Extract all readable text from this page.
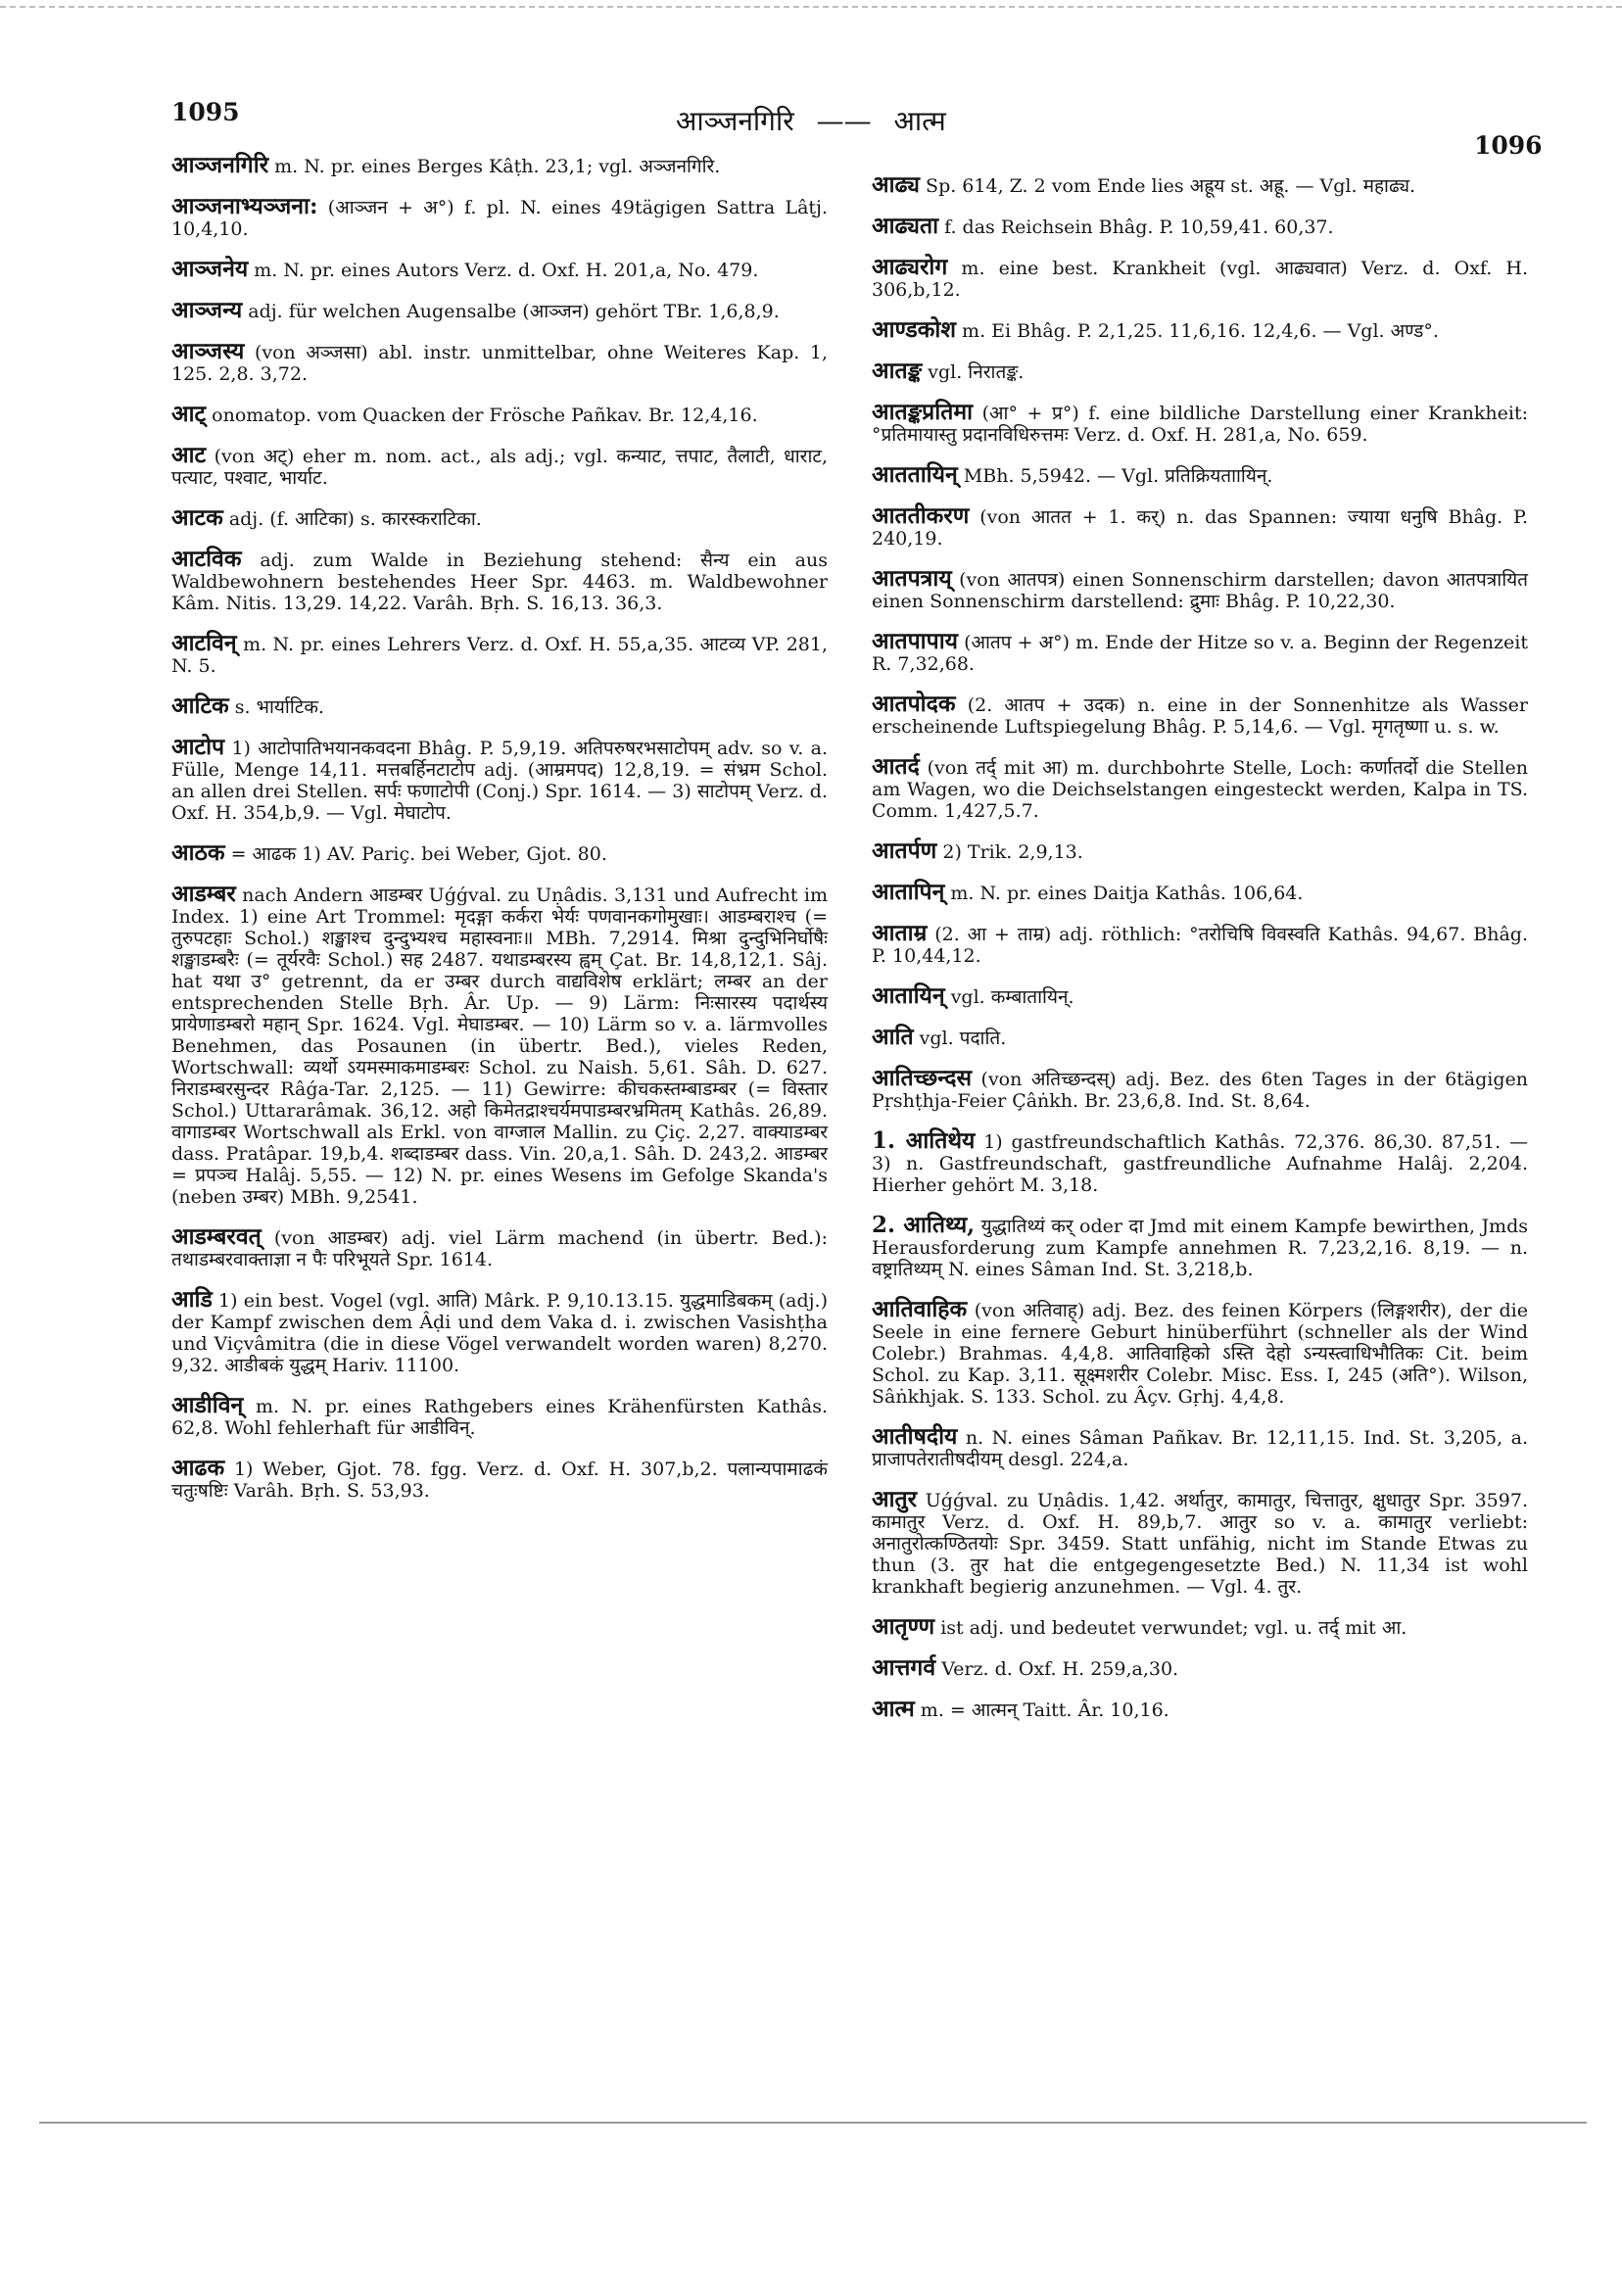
1095	आञ्जनगिरि —— आत्म
1096
आञ्जनगिरि m. N. pr. eines Berges Kâṭh. 23,1; vgl. अञ्जनगिरि.
आञ्जनाभ्यञ्जना: (आञ्जन + अ°) f. pl. N. eines 49tägigen Sattra Lâṭj. 10,4,10.
आञ्जनेय m. N. pr. eines Autors Verz. d. Oxf. H. 201,a, No. 479.
आञ्जन्य adj. für welchen Augensalbe (आञ्जन) gehört TBr. 1,6,8,9.
आञ्जस्य (von अञ्जसा) abl. instr. unmittelbar, ohne Weiteres Kap. 1, 125. 2,8. 3,72.
आट् onomatop. vom Quacken der Frösche Pañkav. Br. 12,4,16.
आट (von अट्) eher m. nom. act., als adj.; vgl. कन्याट, त्तपाट, तैलाटी, धाराट, पत्याट, पश्वाट, भार्याट.
आटक adj. (f. आटिका) s. कारस्कराटिका.
आटविक adj. zum Walde in Beziehung stehend: सैन्य ein aus Waldbewohnern bestehendes Heer Spr. 4463. m. Waldbewohner Kâm. Nitis. 13,29. 14,22. Varâh. Bṛh. S. 16,13. 36,3.
आटविन् m. N. pr. eines Lehrers Verz. d. Oxf. H. 55,a,35. आटव्य VP. 281, N. 5.
आटिक s. भार्याटिक.
आटोप 1) आटोपातिभयानकवदना Bhâg. P. 5,9,19. अतिपरुषरभसाटोपम् adv. so v. a. Fülle, Menge 14,11. मत्तबर्हिनटाटोप adj. (आम्रमपद) 12,8,19. = संभ्रम Schol. an allen drei Stellen. सर्पः फणाटोपी (Conj.) Spr. 1614. — 3) साटोपम् Verz. d. Oxf. H. 354,b,9. — Vgl. मेघाटोप.
आठक = आढक 1) AV. Pariç. bei Weber, Gjot. 80.
आडम्बर nach Andern आडम्बर Uǵǵval. zu Uṇâdis. 3,131 und Aufrecht im Index. 1) eine Art Trommel: मृदङ्गा कर्करा भेर्यः पणवानकगोमुखाः। आडम्बराश्च (= तुरुपटहाः Schol.) शङ्खाश्च दुन्दुभ्यश्च महास्वनाः॥ MBh. 7,2914. मिश्रा दुन्दुभिनिर्घोषैः शङ्खाडम्बरैः (= तूर्यरवैः Schol.) सह 2487. यथाडम्बरस्य ह्वम् Çat. Br. 14,8,12,1. Sâj. hat यथा उ° getrennt, da er उम्बर durch वाद्यविशेष erklärt; लम्बर an der entsprechenden Stelle Bṛh. Âr. Up. — 9) Lärm: निःसारस्य पदार्थस्य प्रायेणाडम्बरो महान् Spr. 1624. Vgl. मेघाडम्बर. — 10) Lärm so v. a. lärmvolles Benehmen, das Posaunen (in übertr. Bed.), vieles Reden, Wortschwall: व्यर्थो ऽयमस्माकमाडम्बरः Schol. zu Naish. 5,61. Sâh. D. 627. निराडम्बरसुन्दर Râǵa-Tar. 2,125. — 11) Gewirre: कीचकस्तम्बाडम्बर (= विस्तार Schol.) Uttararâmak. 36,12. अहो किमेतद्राश्चर्यमपाडम्बरभ्रमितम् Kathâs. 26,89. वागाडम्बर Wortschwall als Erkl. von वाग्जाल Mallin. zu Çiç. 2,27. वाक्याडम्बर dass. Pratâpar. 19,b,4. शब्दाडम्बर dass. Vin. 20,a,1. Sâh. D. 243,2. आडम्बर = प्रपञ्च Halâj. 5,55. — 12) N. pr. eines Wesens im Gefolge Skanda's (neben उम्बर) MBh. 9,2541.
आडम्बरवत् (von आडम्बर) adj. viel Lärm machend (in übertr. Bed.): तथाडम्बरवाक्ताज्ञा न पैः परिभूयते Spr. 1614.
आडि 1) ein best. Vogel (vgl. आति) Mârk. P. 9,10.13.15. युद्धमाडिबकम् (adj.) der Kampf zwischen dem Âḍi und dem Vaka d. i. zwischen Vasishṭha und Viçvâmitra (die in diese Vögel verwandelt worden waren) 8,270. 9,32. आडीबकं युद्धम् Hariv. 11100.
आडीविन् m. N. pr. eines Rathgebers eines Krähenfürsten Kathâs. 62,8. Wohl fehlerhaft für आडीविन्.
आढक 1) Weber, Gjot. 78. fgg. Verz. d. Oxf. H. 307,b,2. पलान्यपामाढकं चतुःषष्टिः Varâh. Bṛh. S. 53,93.
आढ्य Sp. 614, Z. 2 vom Ende lies अह्रूय st. अह्रू. — Vgl. महाढ्य.
आढ्यता f. das Reichsein Bhâg. P. 10,59,41. 60,37.
आढ्यरोग m. eine best. Krankheit (vgl. आढ्यवात) Verz. d. Oxf. H. 306,b,12.
आण्डकोश m. Ei Bhâg. P. 2,1,25. 11,6,16. 12,4,6. — Vgl. अण्ड°.
आतङ्क vgl. निरातङ्क.
आतङ्कप्रतिमा (आ° + प्र°) f. eine bildliche Darstellung einer Krankheit: °प्रतिमायास्तु प्रदानविधिरुत्तमः Verz. d. Oxf. H. 281,a, No. 659.
आततायिन् MBh. 5,5942. — Vgl. प्रतिक्रियताायिन्.
आततीकरण (von आतत + 1. कर्) n. das Spannen: ज्याया धनुषि Bhâg. P. 240,19.
आतपत्राय् (von आतपत्र) einen Sonnenschirm darstellen; davon आतपत्रायित einen Sonnenschirm darstellend: द्रुमाः Bhâg. P. 10,22,30.
आतपापाय (आतप + अ°) m. Ende der Hitze so v. a. Beginn der Regenzeit R. 7,32,68.
आतपोदक (2. आतप + उदक) n. eine in der Sonnenhitze als Wasser erscheinende Luftspiegelung Bhâg. P. 5,14,6. — Vgl. मृगतृष्णा u. s. w.
आतर्द (von तर्द् mit आ) m. durchbohrte Stelle, Loch: कर्णातर्दो die Stellen am Wagen, wo die Deichselstangen eingesteckt werden, Kalpa in TS. Comm. 1,427,5.7.
आतर्पण 2) Trik. 2,9,13.
आतापिन् m. N. pr. eines Daitja Kathâs. 106,64.
आताम्र (2. आ + ताम्र) adj. röthlich: °तरोचिषि विवस्वति Kathâs. 94,67. Bhâg. P. 10,44,12.
आतायिन् vgl. कम्बातायिन्.
आति vgl. पदाति.
आतिच्छन्दस (von अतिच्छन्दस्) adj. Bez. des 6ten Tages in der 6tägigen Pṛshṭhja-Feier Çâṅkh. Br. 23,6,8. Ind. St. 8,64.
1. आतिथेय 1) gastfreundschaftlich Kathâs. 72,376. 86,30. 87,51. — 3) n. Gastfreundschaft, gastfreundliche Aufnahme Halâj. 2,204. Hierher gehört M. 3,18.
2. आतिथ्य, युद्धातिथ्यं कर् oder दा Jmd mit einem Kampfe bewirthen, Jmds Herausforderung zum Kampfe annehmen R. 7,23,2,16. 8,19. — n. वष्ट्रातिथ्यम् N. eines Sâman Ind. St. 3,218,b.
आतिवाहिक (von अतिवाह्) adj. Bez. des feinen Körpers (लिङ्गशरीर), der die Seele in eine fernere Geburt hinüberführt (schneller als der Wind Colebr.) Brahmas. 4,4,8. आतिवाहिको ऽस्ति देहो ऽन्यस्त्वाधिभौतिकः Cit. beim Schol. zu Kap. 3,11. सूक्ष्मशरीर Colebr. Misc. Ess. I, 245 (अति°). Wilson, Sâṅkhjak. S. 133. Schol. zu Âçv. Gṛhj. 4,4,8.
आतीषदीय n. N. eines Sâman Pañkav. Br. 12,11,15. Ind. St. 3,205, a. प्राजापतेरातीषदीयम् desgl. 224,a.
आतुर Uǵǵval. zu Uṇâdis. 1,42. अर्थातुर, कामातुर, चित्तातुर, क्षुधातुर Spr. 3597. कामातुर Verz. d. Oxf. H. 89,b,7. आतुर so v. a. कामातुर verliebt: अनातुरोत्कण्ठितयोः Spr. 3459. Statt unfähig, nicht im Stande Etwas zu thun (3. तुर hat die entgegengesetzte Bed.) N. 11,34 ist wohl krankhaft begierig anzunehmen. — Vgl. 4. तुर.
आतृण्ण ist adj. und bedeutet verwundet; vgl. u. तर्द् mit आ.
आत्तगर्व Verz. d. Oxf. H. 259,a,30.
आत्म m. = आत्मन् Taitt. Âr. 10,16.
